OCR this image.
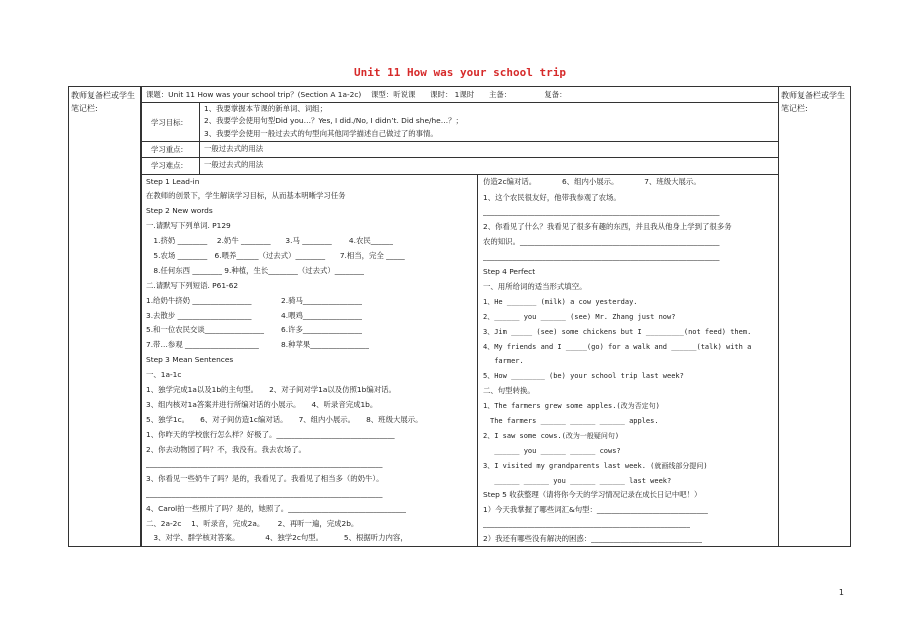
Unit 11 How was your school trip
教师复备栏或学生笔记栏:
教师复备栏或学生笔记栏:
课题：Unit 11 How was your school trip？(Section A 1a-2c)　 课型：听说课　　课时： 1课时　　主备：　　　　　复备：
学习目标:
1、我要掌握本节课的新单词、词组；
2、我要学会使用句型Did you…？Yes, I did./No, I didn’t. Did she/he…？；
3、我要学会使用一般过去式的句型向其他同学描述自己做过了的事情。
学习重点:	一般过去式的用法
学习难点:	一般过去式的用法
Step 1 Lead-in
在教师的创景下，学生解读学习目标，从而基本明晰学习任务
Step 2 New words
一.请默写下列单词. P129
　1.挤奶 ________　 2.奶牛 ________　　3.马 ________　　 4.农民______
　5.农场 ________　6.喂养______（过去式）________　　7.相当，完全 _____
　8.任何东西 ________ 9.种植，生长________（过去式）________
二.请默写下列短语. P61-62
1.给奶牛挤奶 ________________　　　　2.骑马________________
3.去散步 ____________________　　　　4.喂鸡________________
5.和一位农民交谈________________　　 6.许多________________
7.带…参观 ____________________　　　8.种苹果________________
Step 3 Mean Sentences
一、1a-1c
1、独学完成1a以及1b的主句型。　　2、对子间对学1a以及仿照1b编对话。
3、组内核对1a答案并进行所编对话的小展示。　　4、听录音完成1b。
5、独学1c。　　6、对子间仿造1c编对话。　　7、组内小展示。　　8、班级大展示。
1、你昨天的学校旅行怎么样？好极了。________________________________
2、你去动物园了吗？不，我没有。我去农场了。
________________________________________________________________
3、你看见一些奶牛了吗？是的，我看见了。我看见了相当多（的奶牛）。
________________________________________________________________
4、Carol拍一些照片了吗？是的，她照了。________________________________
二、2a-2c　 1、听录音，完成2a。　　 2、再听一遍，完成2b。
　3、对学、群学核对答案。　　　　4、独学2c句型。　　　 5、根据听力内容，
仿造2c编对话。　　　　6、组内小展示。　　　　7、班级大展示。
1、这个农民很友好，他带我参观了农场。
________________________________________________________________
2、你看见了什么？我看见了很多有趣的东西，并且我从他身上学到了很多务
农的知识。______________________________________________________
________________________________________________________________
Step 4 Perfect
一、用所给词的适当形式填空。
1、He _______ (milk) a cow yesterday.
2、______ you ______ (see) Mr. Zhang just now?
3、Jim _____ (see) some chickens but I _________(not feed) them.
4、My friends and I _____(go) for a walk and ______(talk) with a
　 farmer.
5、How ________ (be) your school trip last week?
二、句型转换。
1、The farmers grew some apples.(改为否定句)
　The farmers ______ ______ ______ apples.
2、I saw some cows.(改为一般疑问句)
　 ______ you ______ ______ cows?
3、I visited my grandparents last week. (就画线部分提问)
　 ______ ______ you ______ ______ last week?
Step 5 收获整理（请将你今天的学习情况记录在成长日记中吧！）
1）今天我掌握了哪些词汇&句型：______________________________
________________________________________________________
2）我还有哪些没有解决的困惑：______________________________
1
